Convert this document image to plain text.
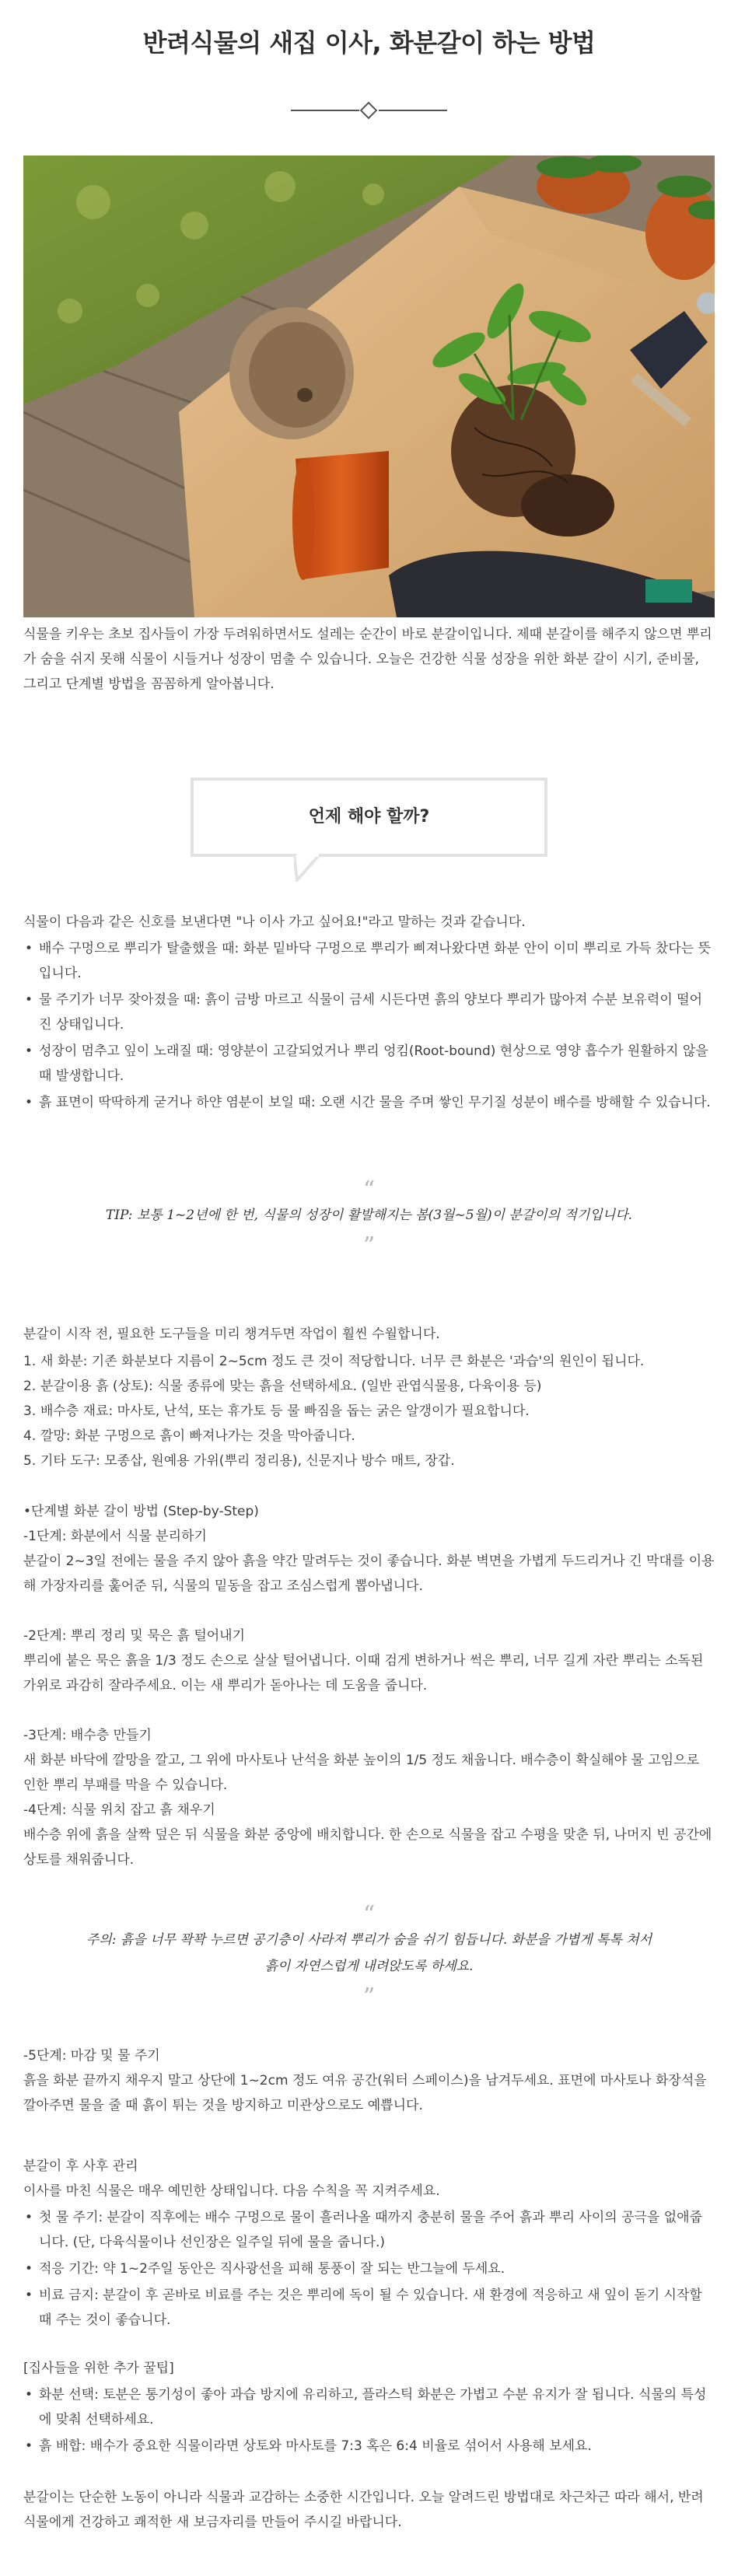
반려식물의 새집 이사, 화분갈이 하는 방법

식물을 키우는 초보 집사들이 가장 두려워하면서도 설레는 순간이 바로 분갈이입니다. 제때 분갈이를 해주지 않으면 뿌리가 숨을 쉬지 못해 식물이 시들거나 성장이 멈출 수 있습니다. 오늘은 건강한 식물 성장을 위한 화분 갈이 시기, 준비물, 그리고 단계별 방법을 꼼꼼하게 알아봅니다.

언제 해야 할까?

식물이 다음과 같은 신호를 보낸다면 "나 이사 가고 싶어요!"라고 말하는 것과 같습니다.

• 배수 구멍으로 뿌리가 탈출했을 때: 화분 밑바닥 구멍으로 뿌리가 삐져나왔다면 화분 안이 이미 뿌리로 가득 찼다는 뜻입니다.
• 물 주기가 너무 잦아졌을 때: 흙이 금방 마르고 식물이 금세 시든다면 흙의 양보다 뿌리가 많아져 수분 보유력이 떨어진 상태입니다.
• 성장이 멈추고 잎이 노래질 때: 영양분이 고갈되었거나 뿌리 엉킴(Root-bound) 현상으로 영양 흡수가 원활하지 않을 때 발생합니다.
• 흙 표면이 딱딱하게 굳거나 하얀 염분이 보일 때: 오랜 시간 물을 주며 쌓인 무기질 성분이 배수를 방해할 수 있습니다.
“

TIP: 보통 1~2년에 한 번, 식물의 성장이 활발해지는 봄(3월~5월)이 분갈이의 적기입니다.

”

분갈이 시작 전, 필요한 도구들을 미리 챙겨두면 작업이 훨씬 수월합니다.

1. 새 화분: 기존 화분보다 지름이 2~5cm 정도 큰 것이 적당합니다. 너무 큰 화분은 '과습'의 원인이 됩니다.
2. 분갈이용 흙 (상토): 식물 종류에 맞는 흙을 선택하세요. (일반 관엽식물용, 다육이용 등)
3. 배수층 재료: 마사토, 난석, 또는 휴가토 등 물 빠짐을 돕는 굵은 알갱이가 필요합니다.
4. 깔망: 화분 구멍으로 흙이 빠져나가는 것을 막아줍니다.
5. 기타 도구: 모종삽, 원예용 가위(뿌리 정리용), 신문지나 방수 매트, 장갑.

•단계별 화분 갈이 방법 (Step-by-Step)

-1단계: 화분에서 식물 분리하기

분갈이 2~3일 전에는 물을 주지 않아 흙을 약간 말려두는 것이 좋습니다. 화분 벽면을 가볍게 두드리거나 긴 막대를 이용해 가장자리를 훑어준 뒤, 식물의 밑동을 잡고 조심스럽게 뽑아냅니다.

-2단계: 뿌리 정리 및 묵은 흙 털어내기

뿌리에 붙은 묵은 흙을 1/3 정도 손으로 살살 털어냅니다. 이때 검게 변하거나 썩은 뿌리, 너무 길게 자란 뿌리는 소독된 가위로 과감히 잘라주세요. 이는 새 뿌리가 돋아나는 데 도움을 줍니다.

-3단계: 배수층 만들기

새 화분 바닥에 깔망을 깔고, 그 위에 마사토나 난석을 화분 높이의 1/5 정도 채웁니다. 배수층이 확실해야 물 고임으로 인한 뿌리 부패를 막을 수 있습니다.

-4단계: 식물 위치 잡고 흙 채우기

배수층 위에 흙을 살짝 덮은 뒤 식물을 화분 중앙에 배치합니다. 한 손으로 식물을 잡고 수평을 맞춘 뒤, 나머지 빈 공간에 상토를 채워줍니다.

“

주의: 흙을 너무 꽉꽉 누르면 공기층이 사라져 뿌리가 숨을 쉬기 힘듭니다. 화분을 가볍게 톡톡 쳐서 흙이 자연스럽게 내려앉도록 하세요.

”

-5단계: 마감 및 물 주기

흙을 화분 끝까지 채우지 말고 상단에 1~2cm 정도 여유 공간(워터 스페이스)을 남겨두세요. 표면에 마사토나 화장석을 깔아주면 물을 줄 때 흙이 튀는 것을 방지하고 미관상으로도 예쁩니다.

분갈이 후 사후 관리

이사를 마친 식물은 매우 예민한 상태입니다. 다음 수칙을 꼭 지켜주세요.

• 첫 물 주기: 분갈이 직후에는 배수 구멍으로 물이 흘러나올 때까지 충분히 물을 주어 흙과 뿌리 사이의 공극을 없애줍니다. (단, 다육식물이나 선인장은 일주일 뒤에 물을 줍니다.)
• 적응 기간: 약 1~2주일 동안은 직사광선을 피해 통풍이 잘 되는 반그늘에 두세요.
• 비료 금지: 분갈이 후 곧바로 비료를 주는 것은 뿌리에 독이 될 수 있습니다. 새 환경에 적응하고 새 잎이 돋기 시작할 때 주는 것이 좋습니다.

[집사들을 위한 추가 꿀팁]

• 화분 선택: 토분은 통기성이 좋아 과습 방지에 유리하고, 플라스틱 화분은 가볍고 수분 유지가 잘 됩니다. 식물의 특성에 맞춰 선택하세요.
• 흙 배합: 배수가 중요한 식물이라면 상토와 마사토를 7:3 혹은 6:4 비율로 섞어서 사용해 보세요.

분갈이는 단순한 노동이 아니라 식물과 교감하는 소중한 시간입니다. 오늘 알려드린 방법대로 차근차근 따라 해서, 반려식물에게 건강하고 쾌적한 새 보금자리를 만들어 주시길 바랍니다.
